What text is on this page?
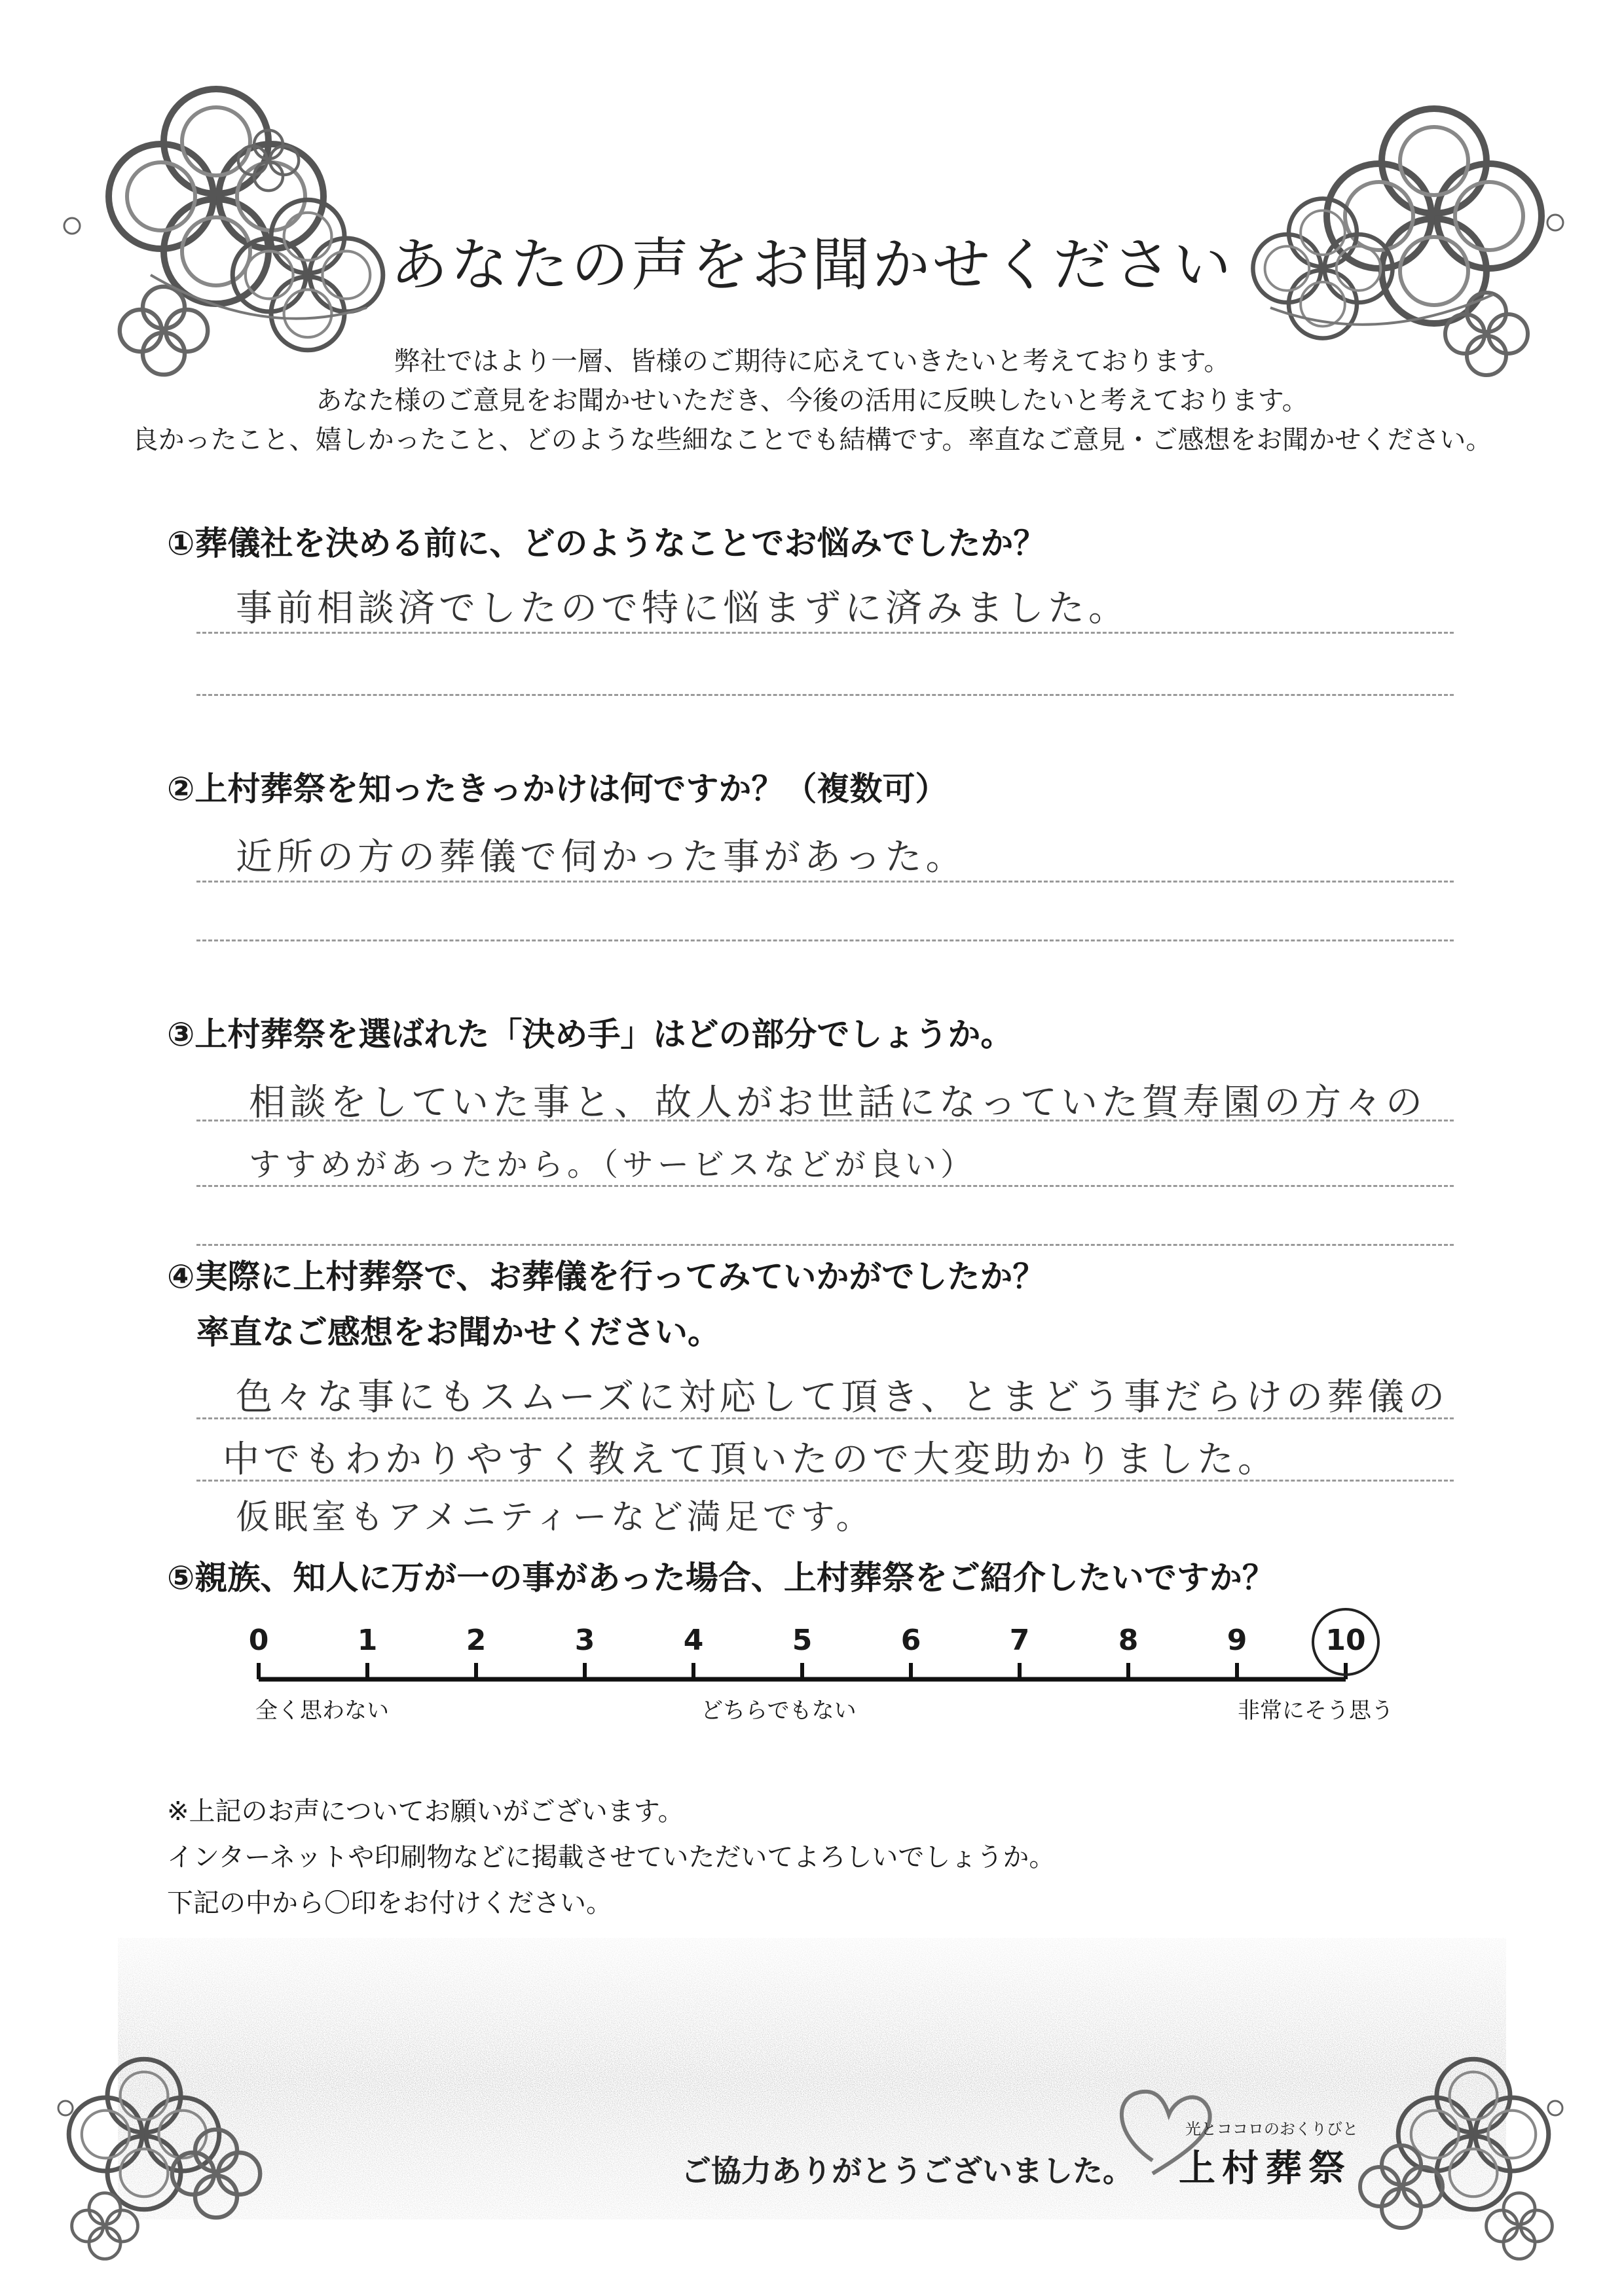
あなたの声をお聞かせください
弊社ではより一層、皆様のご期待に応えていきたいと考えております。
あなた様のご意見をお聞かせいただき、今後の活用に反映したいと考えております。
良かったこと、嬉しかったこと、どのような些細なことでも結構です。率直なご意見・ご感想をお聞かせください。
①葬儀社を決める前に、どのようなことでお悩みでしたか？
事前相談済でしたので特に悩まずに済みました。
②上村葬祭を知ったきっかけは何ですか？（複数可）
近所の方の葬儀で伺かった事があった。
③上村葬祭を選ばれた「決め手」はどの部分でしょうか。
相談をしていた事と、故人がお世話になっていた賀寿園の方々の
すすめがあったから。（サービスなどが良い）
④実際に上村葬祭で、お葬儀を行ってみていかがでしたか？
率直なご感想をお聞かせください。
色々な事にもスムーズに対応して頂き、とまどう事だらけの葬儀の
中でもわかりやすく教えて頂いたので大変助かりました。
仮眠室もアメニティーなど満足です。
⑤親族、知人に万が一の事があった場合、上村葬祭をご紹介したいですか？
0	1	2	3	4	5	6	7	8	9	10
全く思わない	どちらでもない	非常にそう思う
※上記のお声についてお願いがございます。
インターネットや印刷物などに掲載させていただいてよろしいでしょうか。
下記の中から〇印をお付けください。
ご協力ありがとうございました。
光とココロのおくりびと
上村葬祭
